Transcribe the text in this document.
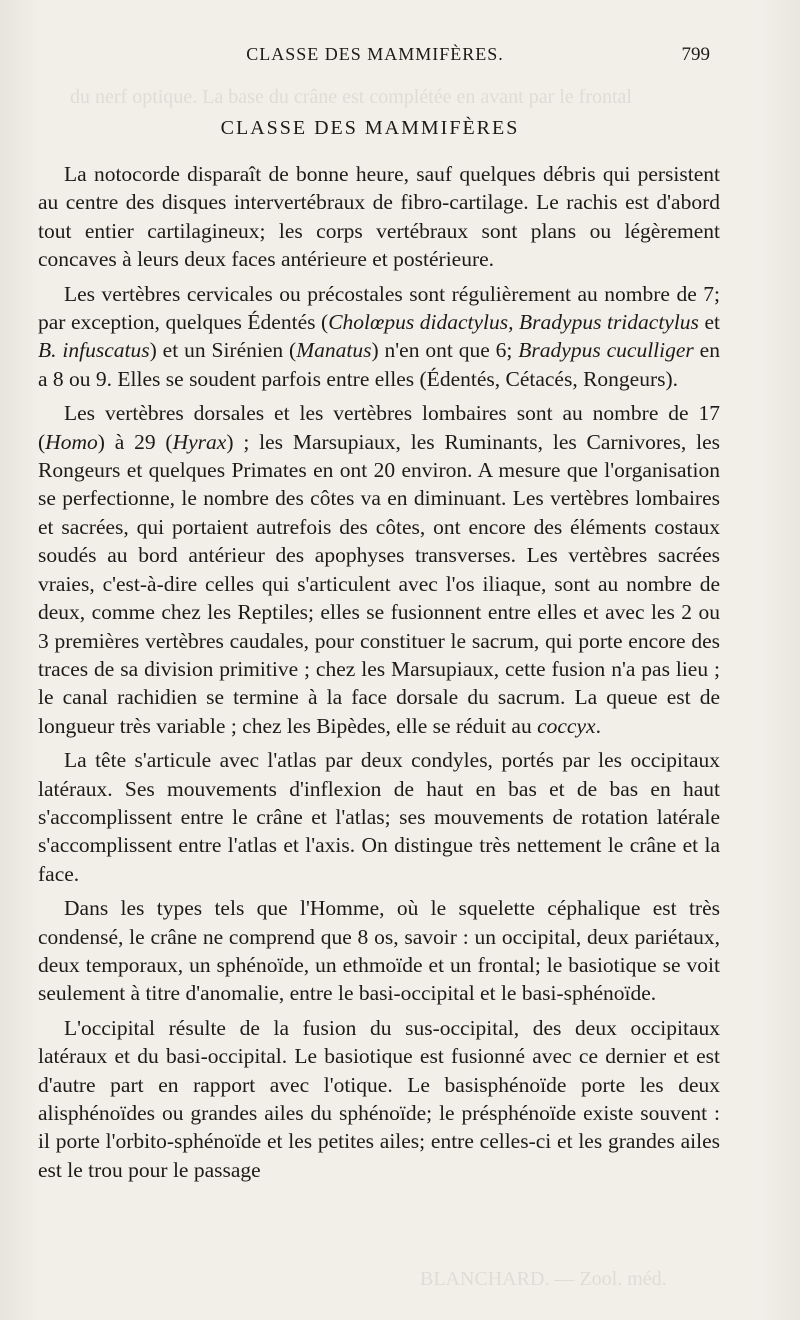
du nerf optique. La base du crâne est complétée en avant par le frontal
BLANCHARD. — Zool. méd.
CLASSE DES MAMMIFÈRES.	799
CLASSE DES MAMMIFÈRES

La notocorde disparaît de bonne heure, sauf quelques débris qui persistent au centre des disques intervertébraux de fibro-cartilage. Le rachis est d'abord tout entier cartilagineux; les corps vertébraux sont plans ou légèrement concaves à leurs deux faces antérieure et postérieure.

Les vertèbres cervicales ou précostales sont régulièrement au nombre de 7; par exception, quelques Édentés (Cholœpus didactylus, Bradypus tridactylus et B. infuscatus) et un Sirénien (Manatus) n'en ont que 6; Bradypus cuculliger en a 8 ou 9. Elles se soudent parfois entre elles (Édentés, Cétacés, Rongeurs).

Les vertèbres dorsales et les vertèbres lombaires sont au nombre de 17 (Homo) à 29 (Hyrax) ; les Marsupiaux, les Ruminants, les Carnivores, les Rongeurs et quelques Primates en ont 20 environ. A mesure que l'organisation se perfectionne, le nombre des côtes va en diminuant. Les vertèbres lombaires et sacrées, qui portaient autrefois des côtes, ont encore des éléments costaux soudés au bord antérieur des apophyses transverses. Les vertèbres sacrées vraies, c'est-à-dire celles qui s'articulent avec l'os iliaque, sont au nombre de deux, comme chez les Reptiles; elles se fusionnent entre elles et avec les 2 ou 3 premières vertèbres caudales, pour constituer le sacrum, qui porte encore des traces de sa division primitive ; chez les Marsupiaux, cette fusion n'a pas lieu ; le canal rachidien se termine à la face dorsale du sacrum. La queue est de longueur très variable ; chez les Bipèdes, elle se réduit au coccyx.

La tête s'articule avec l'atlas par deux condyles, portés par les occipitaux latéraux. Ses mouvements d'inflexion de haut en bas et de bas en haut s'accomplissent entre le crâne et l'atlas; ses mouvements de rotation latérale s'accomplissent entre l'atlas et l'axis. On distingue très nettement le crâne et la face.

Dans les types tels que l'Homme, où le squelette céphalique est très condensé, le crâne ne comprend que 8 os, savoir : un occipital, deux pariétaux, deux temporaux, un sphénoïde, un ethmoïde et un frontal; le basiotique se voit seulement à titre d'anomalie, entre le basi-occipital et le basi-sphénoïde.

L'occipital résulte de la fusion du sus-occipital, des deux occipitaux latéraux et du basi-occipital. Le basiotique est fusionné avec ce dernier et est d'autre part en rapport avec l'otique. Le basisphénoïde porte les deux alisphénoïdes ou grandes ailes du sphénoïde; le présphénoïde existe souvent : il porte l'orbito-sphénoïde et les petites ailes; entre celles-ci et les grandes ailes est le trou pour le passage
